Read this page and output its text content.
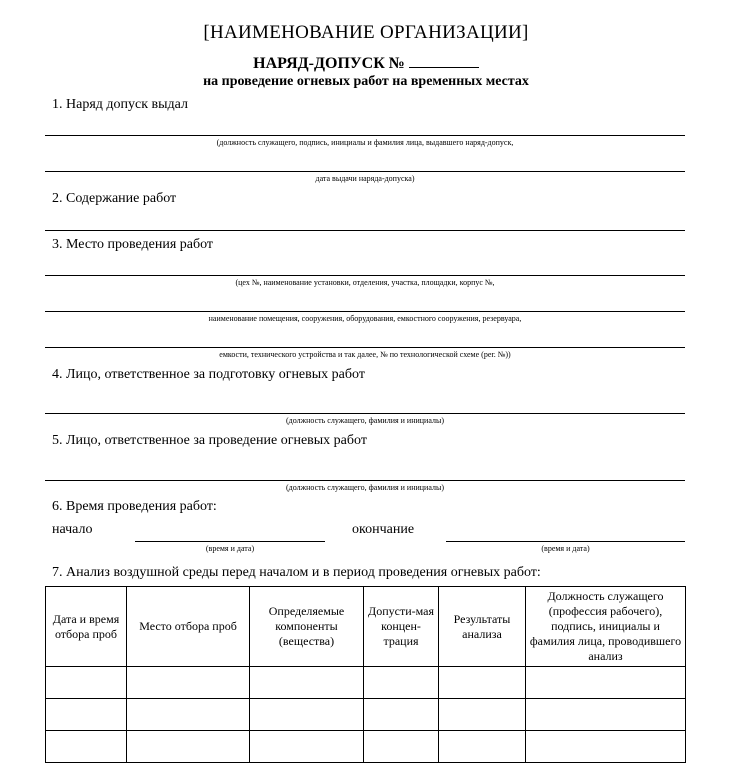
[НАИМЕНОВАНИЕ ОРГАНИЗАЦИИ]
НАРЯД-ДОПУСК №
на проведение огневых работ на временных местах
1. Наряд допуск выдал
(должность служащего, подпись, инициалы и фамилия лица, выдавшего наряд-допуск,
дата выдачи наряда-допуска)
2. Содержание работ
3. Место проведения работ
(цех №, наименование установки, отделения, участка, площадки, корпус №,
наименование помещения, сооружения, оборудования, емкостного сооружения, резервуара,
емкости, технического устройства и так далее, № по технологической схеме (рег. №))
4. Лицо, ответственное за подготовку огневых работ
(должность служащего, фамилия и инициалы)
5. Лицо, ответственное за проведение огневых работ
(должность служащего, фамилия и инициалы)
6. Время проведения работ:
начало
(время и дата)
окончание
(время и дата)
7. Анализ воздушной среды перед началом и в период проведения огневых работ:
Дата и время отбора проб	Место отбора проб	Определяемые компоненты (вещества)	Допусти-мая концен-трация	Результаты анализа	Должность служащего (профессия рабочего), подпись, инициалы и фамилия лица, проводившего анализ
